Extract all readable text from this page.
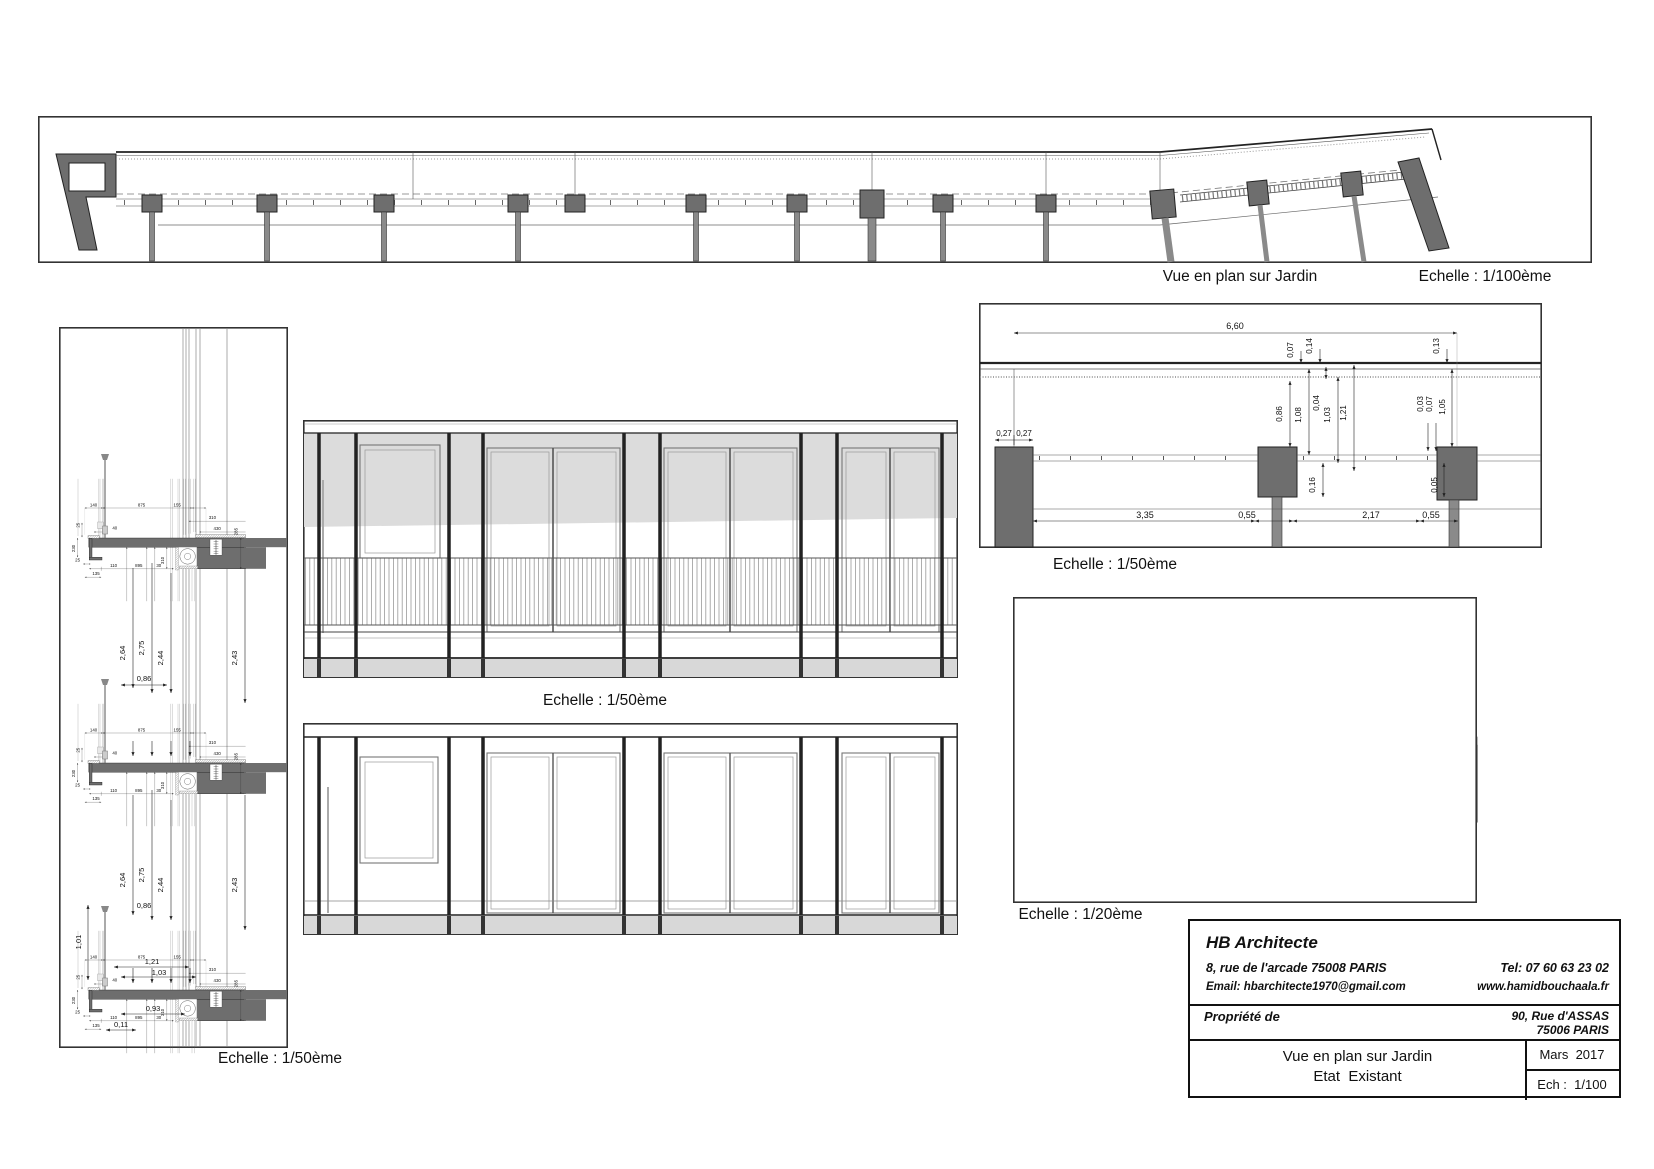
Vue en plan sur Jardin	Echelle : 1/100ème
Echelle : 1/20ème
2,64 2,75
2,44
0,86
2,43
2,64 2,75
2,44
0,86
2,43
1,01
1,21
1,03
0,93
0,11
Echelle : 1/50ème
Echelle : 1/50ème
6,60
0,27 0,27
0,07 0,14	0,13
0,86 1,08
0,04
1,03 1,21
0,03 0,07 1,05
0,16	0,05
3,35	0,55	2,17	0,55
Echelle : 1/50ème
HB Architecte
8, rue de l'arcade 75008 PARIS
Email: hbarchitecte1970@gmail.com
Tel: 07 60 63 23 02
www.hamidbouchaala.fr
Propriété de	90, Rue d'ASSAS
75006 PARIS
Vue en plan sur Jardin
Etat  Existant
Mars  2017
Ech :  1/100
